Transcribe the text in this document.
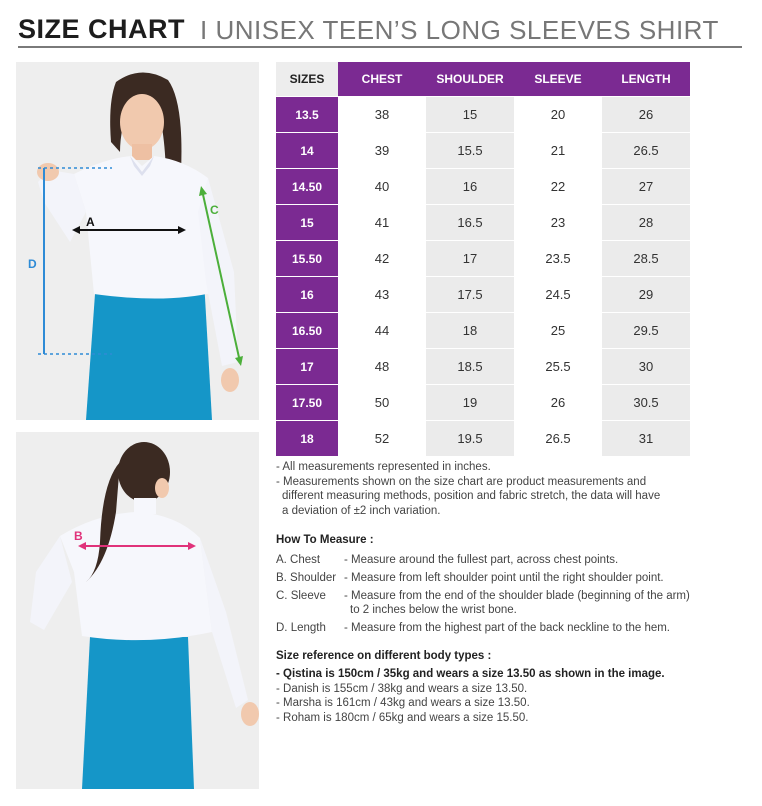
SIZE CHART I UNISEX TEEN’S LONG SLEEVES SHIRT
A
C
D
B
SIZES	CHEST	SHOULDER	SLEEVE	LENGTH
13.5	38	15	20	26
14	39	15.5	21	26.5
14.50	40	16	22	27
15	41	16.5	23	28
15.50	42	17	23.5	28.5
16	43	17.5	24.5	29
16.50	44	18	25	29.5
17	48	18.5	25.5	30
17.50	50	19	26	30.5
18	52	19.5	26.5	31

- All measurements represented in inches.

- Measurements shown on the size chart are product measurements and

different measuring methods, position and fabric stretch, the data will have

a deviation of ±2 inch variation.

How To Measure :
A. Chest	- Measure around the fullest part, across chest points.
B. Shoulder - Measure from left shoulder point until the right shoulder point.
C. Sleeve	- Measure from the end of the shoulder blade (beginning of the arm)
to 2 inches below the wrist bone.
D. Length	- Measure from the highest part of the back neckline to the hem.
Size reference on different body types :

- Qistina is 150cm / 35kg and wears a size 13.50 as shown in the image.

- Danish is 155cm / 38kg and wears a size 13.50.

- Marsha is 161cm / 43kg and wears a size 13.50.

- Roham is 180cm / 65kg and wears a size 15.50.
